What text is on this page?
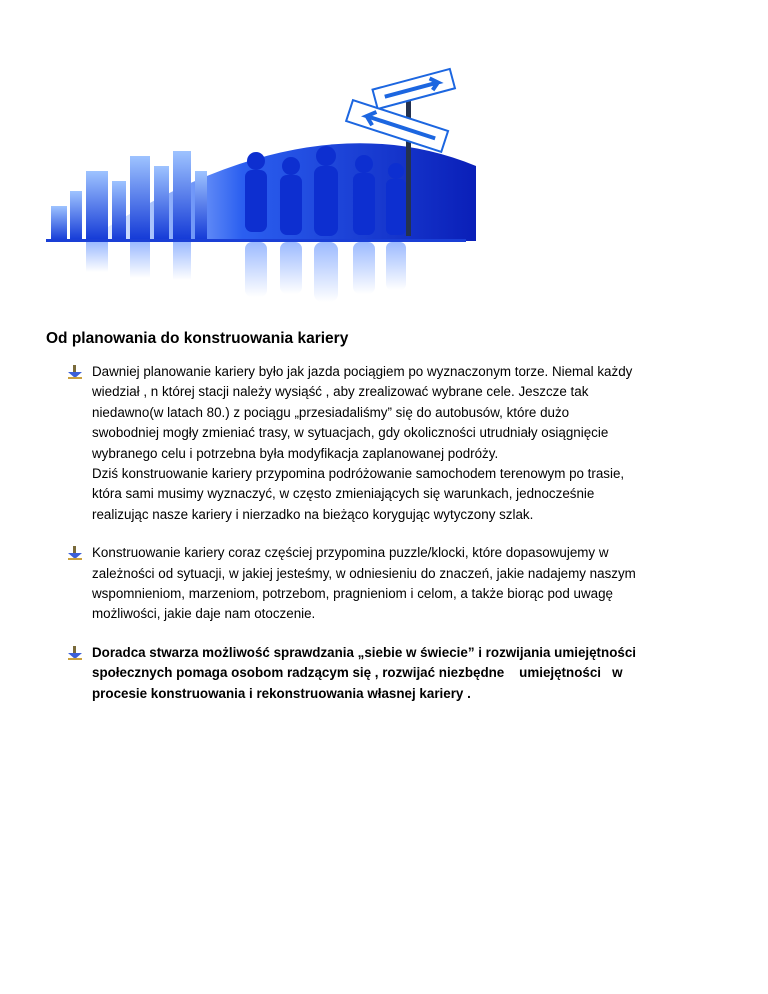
Od planowania do konstruowania kariery

Dawniej planowanie kariery było jak jazda pociągiem po wyznaczonym torze. Niemal każdy

wiedział , n której stacji należy wysiąść , aby zrealizować wybrane cele. Jeszcze tak

niedawno(w latach 80.) z pociągu „przesiadaliśmy” się do autobusów, które dużo

swobodniej mogły zmieniać trasy, w sytuacjach, gdy okoliczności utrudniały osiągnięcie

wybranego celu i potrzebna była modyfikacja zaplanowanej podróży.

Dziś konstruowanie kariery przypomina podróżowanie samochodem terenowym po trasie,

która sami musimy wyznaczyć, w często zmieniających się warunkach, jednocześnie

realizując nasze kariery i nierzadko na bieżąco korygując wytyczony szlak.

Konstruowanie kariery coraz częściej przypomina puzzle/klocki, które dopasowujemy w

zależności od sytuacji, w jakiej jesteśmy, w odniesieniu do znaczeń, jakie nadajemy naszym

wspomnieniom, marzeniom, potrzebom, pragnieniom i celom, a także biorąc pod uwagę

możliwości, jakie daje nam otoczenie.

Doradca stwarza możliwość sprawdzania „siebie w świecie” i rozwijania umiejętności

społecznych pomaga osobom radzącym się , rozwijać niezbędne    umiejętności   w

procesie konstruowania i rekonstruowania własnej kariery .
